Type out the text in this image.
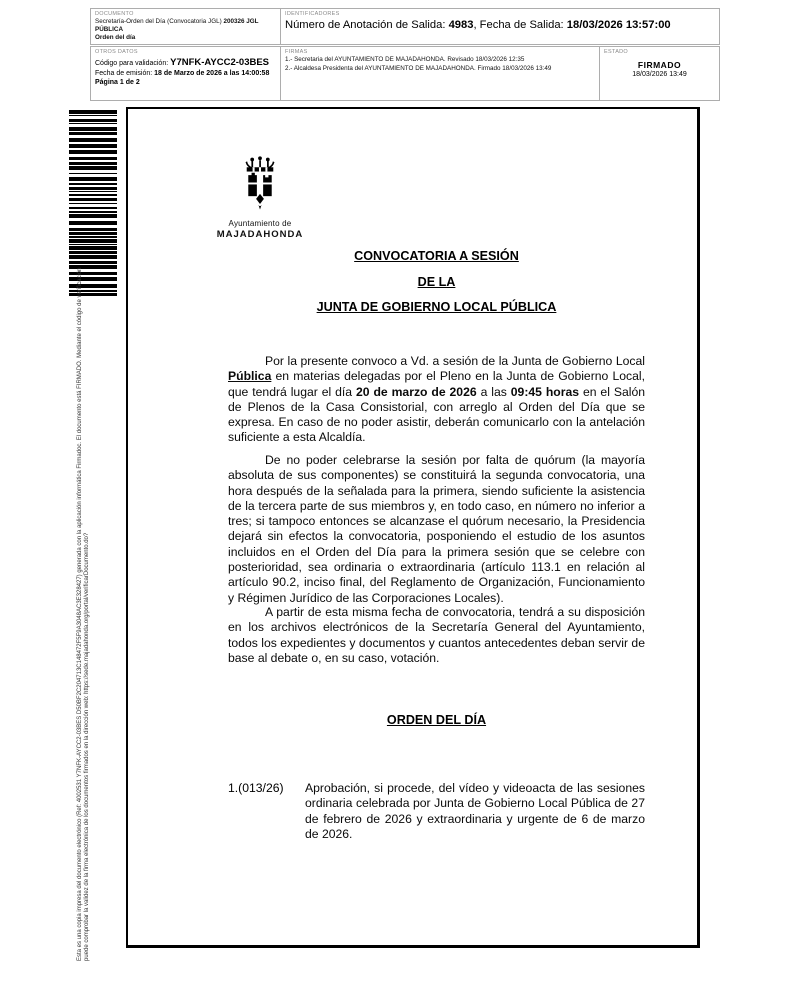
DOCUMENTO
Secretaría-Orden del Día (Convocatoria JGL) 200326 JGL PÚBLICA
Orden del día
IDENTIFICADORES
Número de Anotación de Salida: 4983, Fecha de Salida: 18/03/2026 13:57:00
OTROS DATOS
Código para validación: Y7NFK-AYCC2-03BES
Fecha de emisión: 18 de Marzo de 2026 a las 14:00:58
Página 1 de 2
FIRMAS
1.- Secretaria del AYUNTAMIENTO DE MAJADAHONDA. Revisado 18/03/2026 12:35
2.- Alcaldesa Presidenta del AYUNTAMIENTO DE MAJADAHONDA. Firmado 18/03/2026 13:49
ESTADO
FIRMADO
18/03/2026 13:49
Esta es una copia impresa del documento electrónico (Ref: 4002531 Y7NFK-AYCC2-03BES D50BF2C204713C148472F5F9A3048AC3E328427) generada con la aplicación informática Firmadoc. El documento está FIRMADO. Mediante el código de verificación puede comprobar la validez de la firma electrónica de los documentos firmados en la dirección web: https://sede.majadahonda.org/portal/verificarDocumento.do?
Ayuntamiento de
MAJADAHONDA
CONVOCATORIA A SESIÓN
DE LA
JUNTA DE GOBIERNO LOCAL PÚBLICA
Por la presente convoco a Vd. a sesión de la Junta de Gobierno Local Pública en materias delegadas por el Pleno en la Junta de Gobierno Local, que tendrá lugar el día 20 de marzo de 2026 a las 09:45 horas en el Salón de Plenos de la Casa Consistorial, con arreglo al Orden del Día que se expresa. En caso de no poder asistir, deberán comunicarlo con la antelación suficiente a esta Alcaldía.
De no poder celebrarse la sesión por falta de quórum (la mayoría absoluta de sus componentes) se constituirá la segunda convocatoria, una hora después de la señalada para la primera, siendo suficiente la asistencia de la tercera parte de sus miembros y, en todo caso, en número no inferior a tres; si tampoco entonces se alcanzase el quórum necesario, la Presidencia dejará sin efectos la convocatoria, posponiendo el estudio de los asuntos incluidos en el Orden del Día para la primera sesión que se celebre con posterioridad, sea ordinaria o extraordinaria (artículo 113.1 en relación al artículo 90.2, inciso final, del Reglamento de Organización, Funcionamiento y Régimen Jurídico de las Corporaciones Locales).
A partir de esta misma fecha de convocatoria, tendrá a su disposición en los archivos electrónicos de la Secretaría General del Ayuntamiento, todos los expedientes y documentos y cuantos antecedentes deban servir de base al debate o, en su caso, votación.
ORDEN DEL DÍA
1.(013/26)	Aprobación, si procede, del vídeo y videoacta de las sesiones ordinaria celebrada por Junta de Gobierno Local Pública de 27 de febrero de 2026 y extraordinaria y urgente de 6 de marzo de 2026.
